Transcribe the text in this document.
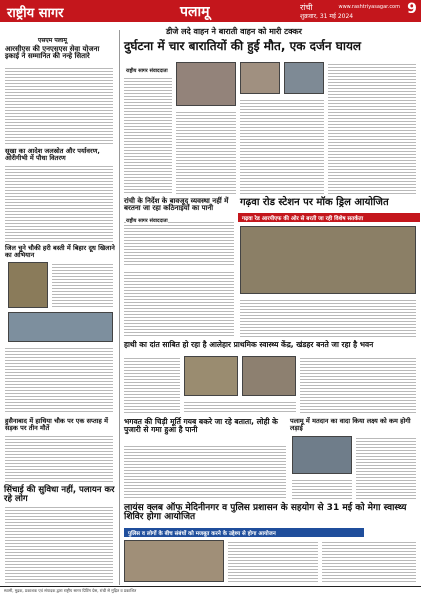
राष्ट्रीय सागर	पलामू	रांची
शुक्रवार, 31 मई 2024
www.rashtriyasagar.com 9
एसएम पलामू
आरसीएस की एनएसएस सेवा योजना इकाई ने सम्मानित की नन्हे सितारे
सूखा का आदेश जलस्रोत और पर्यावरण, ओरीगीभी में पौधा वितरण
जिल चुने चौकी हरी बस्ती में बिहार दूध खिलाने का अभियान
हुसैनाबाद में हाथिया चौक पर एक सप्ताह में सड़क पर तीन मौतें
सिंचाई की सुविधा नहीं, पलायन कर रहे लोग
डीजे लदे वाहन ने बाराती वाहन को मारी टक्कर
दुर्घटना में चार बारातियों की हुई मौत, एक दर्जन घायल
राष्ट्रीय सागर संवाददाता
रांची के निर्देश के बावजूद व्यवस्था नहीं में बरतना जा रहा कठिनाइयों का पानी
राष्ट्रीय सागर संवाददाता
गढ़वा रोड स्टेशन पर मॉक ड्रिल आयोजित
गढ़वा रेड आरपीएफ की ओर से बरती जा रही विशेष सतर्कता
हाथी का दांत साबित हो रहा है आलेहार प्राथमिक स्वास्थ्य केंद्र, खंडहर बनते जा रहा है भवन
भगवत की चिड़ी मूर्ति गयब बकरे जा रहे बताता, लोही के पुजारी से गमा हुआ है पानी
पलामू में मतदान का वादा किया लक्ष्य को कम होगी लड़ाई
लायंस क्लब ऑफ मेदिनीनगर व पुलिस प्रशासन के सहयोग से 31 मई को मेगा स्वास्थ्य शिविर होगा आयोजित
पुलिस व लोगों के बीच संबंधों को मजबूत करने के उद्देश्य से होगा आयोजन
स्वामी, मुद्रक, प्रकाशक एवं संपादक द्वारा राष्ट्रीय सागर प्रिंटिंग प्रेस, रांची से मुद्रित व प्रकाशित
